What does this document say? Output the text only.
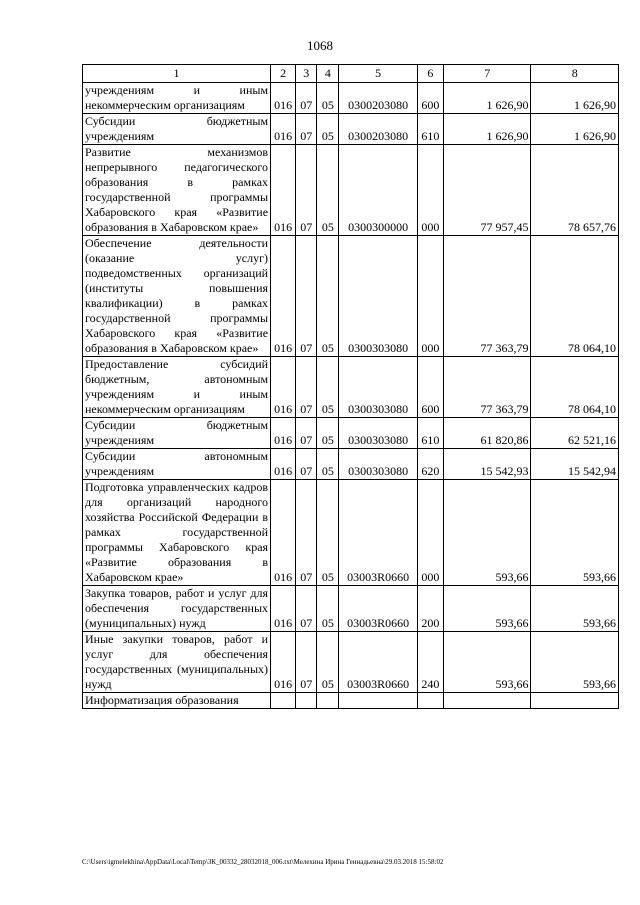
1068
1	2	3	4	5	6	7	8
учреждениям и иным некоммерческим организациям	016	07	05	0300203080	600	1 626,90	1 626,90
Субсидии бюджетным учреждениям	016	07	05	0300203080	610	1 626,90	1 626,90
Развитие механизмов непрерывного педагогического образования в рамках государственной программы Хабаровского края «Развитие образования в Хабаровском крае»	016	07	05	0300300000	000	77 957,45	78 657,76
Обеспечение деятельности (оказание услуг) подведомственных организаций (институты повышения квалификации) в рамках государственной программы Хабаровского края «Развитие образования в Хабаровском крае»	016	07	05	0300303080	000	77 363,79	78 064,10
Предоставление субсидий бюджетным, автономным учреждениям и иным некоммерческим организациям	016	07	05	0300303080	600	77 363,79	78 064,10
Субсидии бюджетным учреждениям	016	07	05	0300303080	610	61 820,86	62 521,16
Субсидии автономным учреждениям	016	07	05	0300303080	620	15 542,93	15 542,94
Подготовка управленческих кадров для организаций народного хозяйства Российской Федерации в рамках государственной программы Хабаровского края «Развитие образования в Хабаровском крае»	016	07	05	03003R0660	000	593,66	593,66
Закупка товаров, работ и услуг для обеспечения государственных (муниципальных) нужд	016	07	05	03003R0660	200	593,66	593,66
Иные закупки товаров, работ и услуг для обеспечения государственных (муниципальных) нужд	016	07	05	03003R0660	240	593,66	593,66
Информатизация образования							
C:\Users\igmelekhina\AppData\Local\Temp\ЗК_00332_28032018_006.txt\Мелехина Ирина Геннадьевна\29.03.2018 15:58:02
